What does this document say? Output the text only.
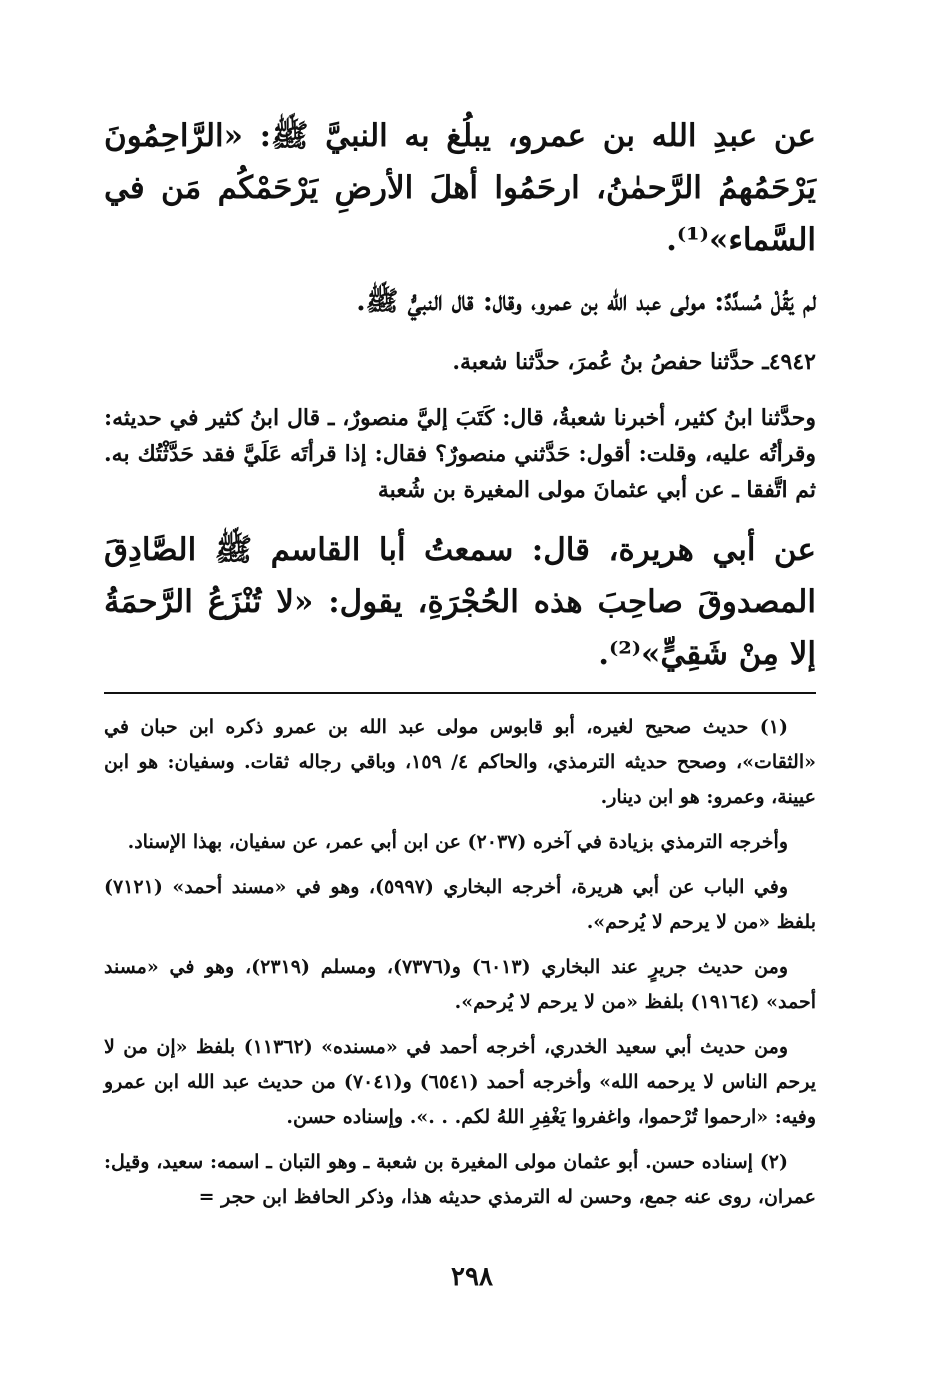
عن عبدِ الله بن عمرو، يبلُغ به النبيَّ ﷺ: «الرَّاحِمُونَ يَرْحَمُهمُ الرَّحمٰنُ، ارحَمُوا أهلَ الأرضِ يَرْحَمْكُم مَن في السَّماء»⁽¹⁾.

لم يَقُلْ مُسدَّدٌ: مولى عبد الله بن عمرو، وقال: قال النبيُّ ﷺ.

٤٩٤٢ـ حدَّثنا حفصُ بنُ عُمرَ، حدَّثنا شعبة.

وحدَّثنا ابنُ كثير، أخبرنا شعبةُ، قال: كَتَبَ إليَّ منصورٌ، ـ قال ابنُ كثير في حديثه: وقرأتُه عليه، وقلت: أقول: حَدَّثني منصورٌ؟ فقال: إذا قرأتَه عَلَيَّ فقد حَدَّثْتُك به. ثم اتَّفقا ـ عن أبي عثمانَ مولى المغيرة بن شُعبة

عن أبي هريرة، قال: سمعتُ أبا القاسم ﷺ الصَّادِقَ المصدوقَ صاحِبَ هذه الحُجْرَةِ، يقول: «لا تُنْزَعُ الرَّحمَةُ إلا مِنْ شَقِيٍّ»⁽²⁾.

(١) حديث صحيح لغيره، أبو قابوس مولى عبد الله بن عمرو ذكره ابن حبان في «الثقات»، وصحح حديثه الترمذي، والحاكم ٤/ ١٥٩، وباقي رجاله ثقات. وسفيان: هو ابن عيينة، وعمرو: هو ابن دينار.

وأخرجه الترمذي بزيادة في آخره (٢٠٣٧) عن ابن أبي عمر، عن سفيان، بهذا الإسناد.

وفي الباب عن أبي هريرة، أخرجه البخاري (٥٩٩٧)، وهو في «مسند أحمد» (٧١٢١) بلفظ «من لا يرحم لا يُرحم».

ومن حديث جريرٍ عند البخاري (٦٠١٣) و(٧٣٧٦)، ومسلم (٢٣١٩)، وهو في «مسند أحمد» (١٩١٦٤) بلفظ «من لا يرحم لا يُرحم».

ومن حديث أبي سعيد الخدري، أخرجه أحمد في «مسنده» (١١٣٦٢) بلفظ «إن من لا يرحم الناس لا يرحمه الله» وأخرجه أحمد (٦٥٤١) و(٧٠٤١) من حديث عبد الله ابن عمرو وفيه: «ارحموا تُرْحموا، واغفروا يَغْفِرِ اللهُ لكم. . .». وإسناده حسن.

(٢) إسناده حسن. أبو عثمان مولى المغيرة بن شعبة ـ وهو التبان ـ اسمه: سعيد، وقيل: عمران، روى عنه جمع، وحسن له الترمذي حديثه هذا، وذكر الحافظ ابن حجر =

٢٩٨
